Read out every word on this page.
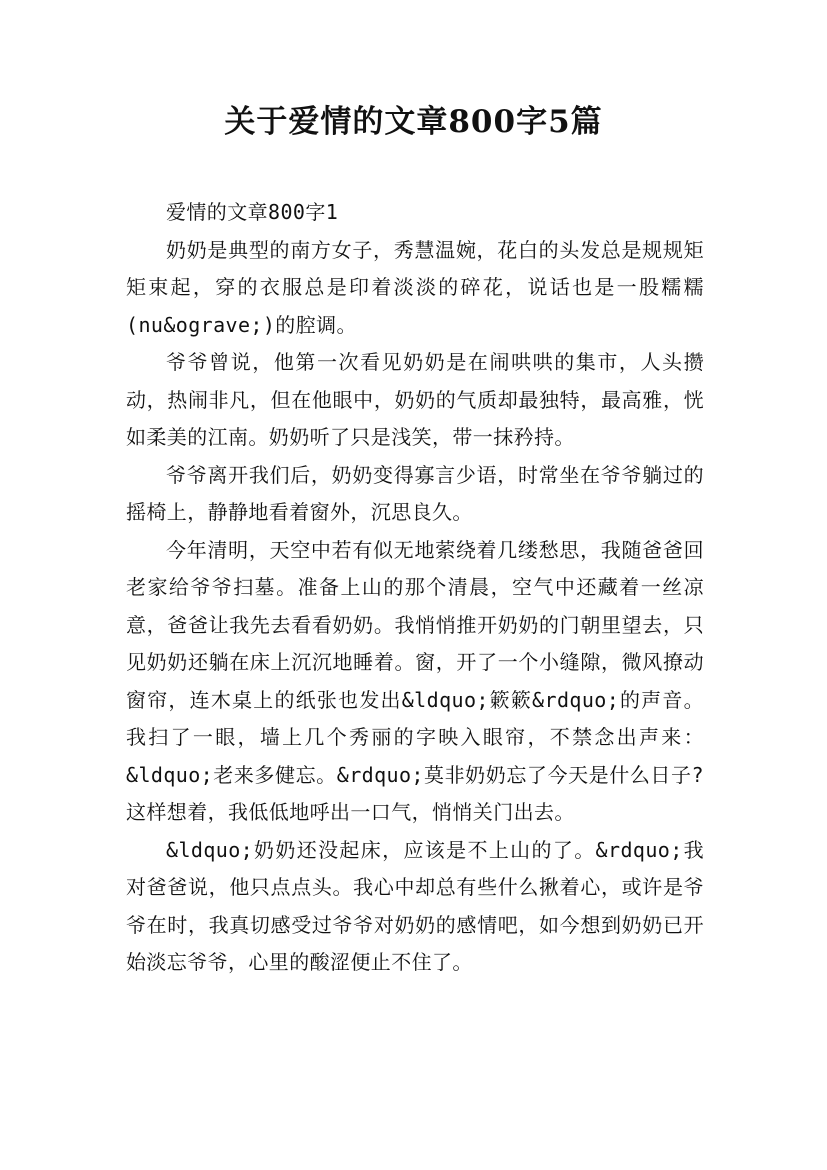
关于爱情的文章800字5篇

爱情的文章800字1

奶奶是典型的南方女子，秀慧温婉，花白的头发总是规规矩矩束起，穿的衣服总是印着淡淡的碎花，说话也是一股糯糯(nu&ograve;)的腔调。

爷爷曾说，他第一次看见奶奶是在闹哄哄的集市，人头攒动，热闹非凡，但在他眼中，奶奶的气质却最独特，最高雅，恍如柔美的江南。奶奶听了只是浅笑，带一抹矜持。

爷爷离开我们后，奶奶变得寡言少语，时常坐在爷爷躺过的摇椅上，静静地看着窗外，沉思良久。

今年清明，天空中若有似无地萦绕着几缕愁思，我随爸爸回老家给爷爷扫墓。准备上山的那个清晨，空气中还藏着一丝凉意，爸爸让我先去看看奶奶。我悄悄推开奶奶的门朝里望去，只见奶奶还躺在床上沉沉地睡着。窗，开了一个小缝隙，微风撩动窗帘，连木桌上的纸张也发出&ldquo;簌簌&rdquo;的声音。我扫了一眼，墙上几个秀丽的字映入眼帘，不禁念出声来：&ldquo;老来多健忘。&rdquo;莫非奶奶忘了今天是什么日子?这样想着，我低低地呼出一口气，悄悄关门出去。

&ldquo;奶奶还没起床，应该是不上山的了。&rdquo;我对爸爸说，他只点点头。我心中却总有些什么揪着心，或许是爷爷在时，我真切感受过爷爷对奶奶的感情吧，如今想到奶奶已开始淡忘爷爷，心里的酸涩便止不住了。
